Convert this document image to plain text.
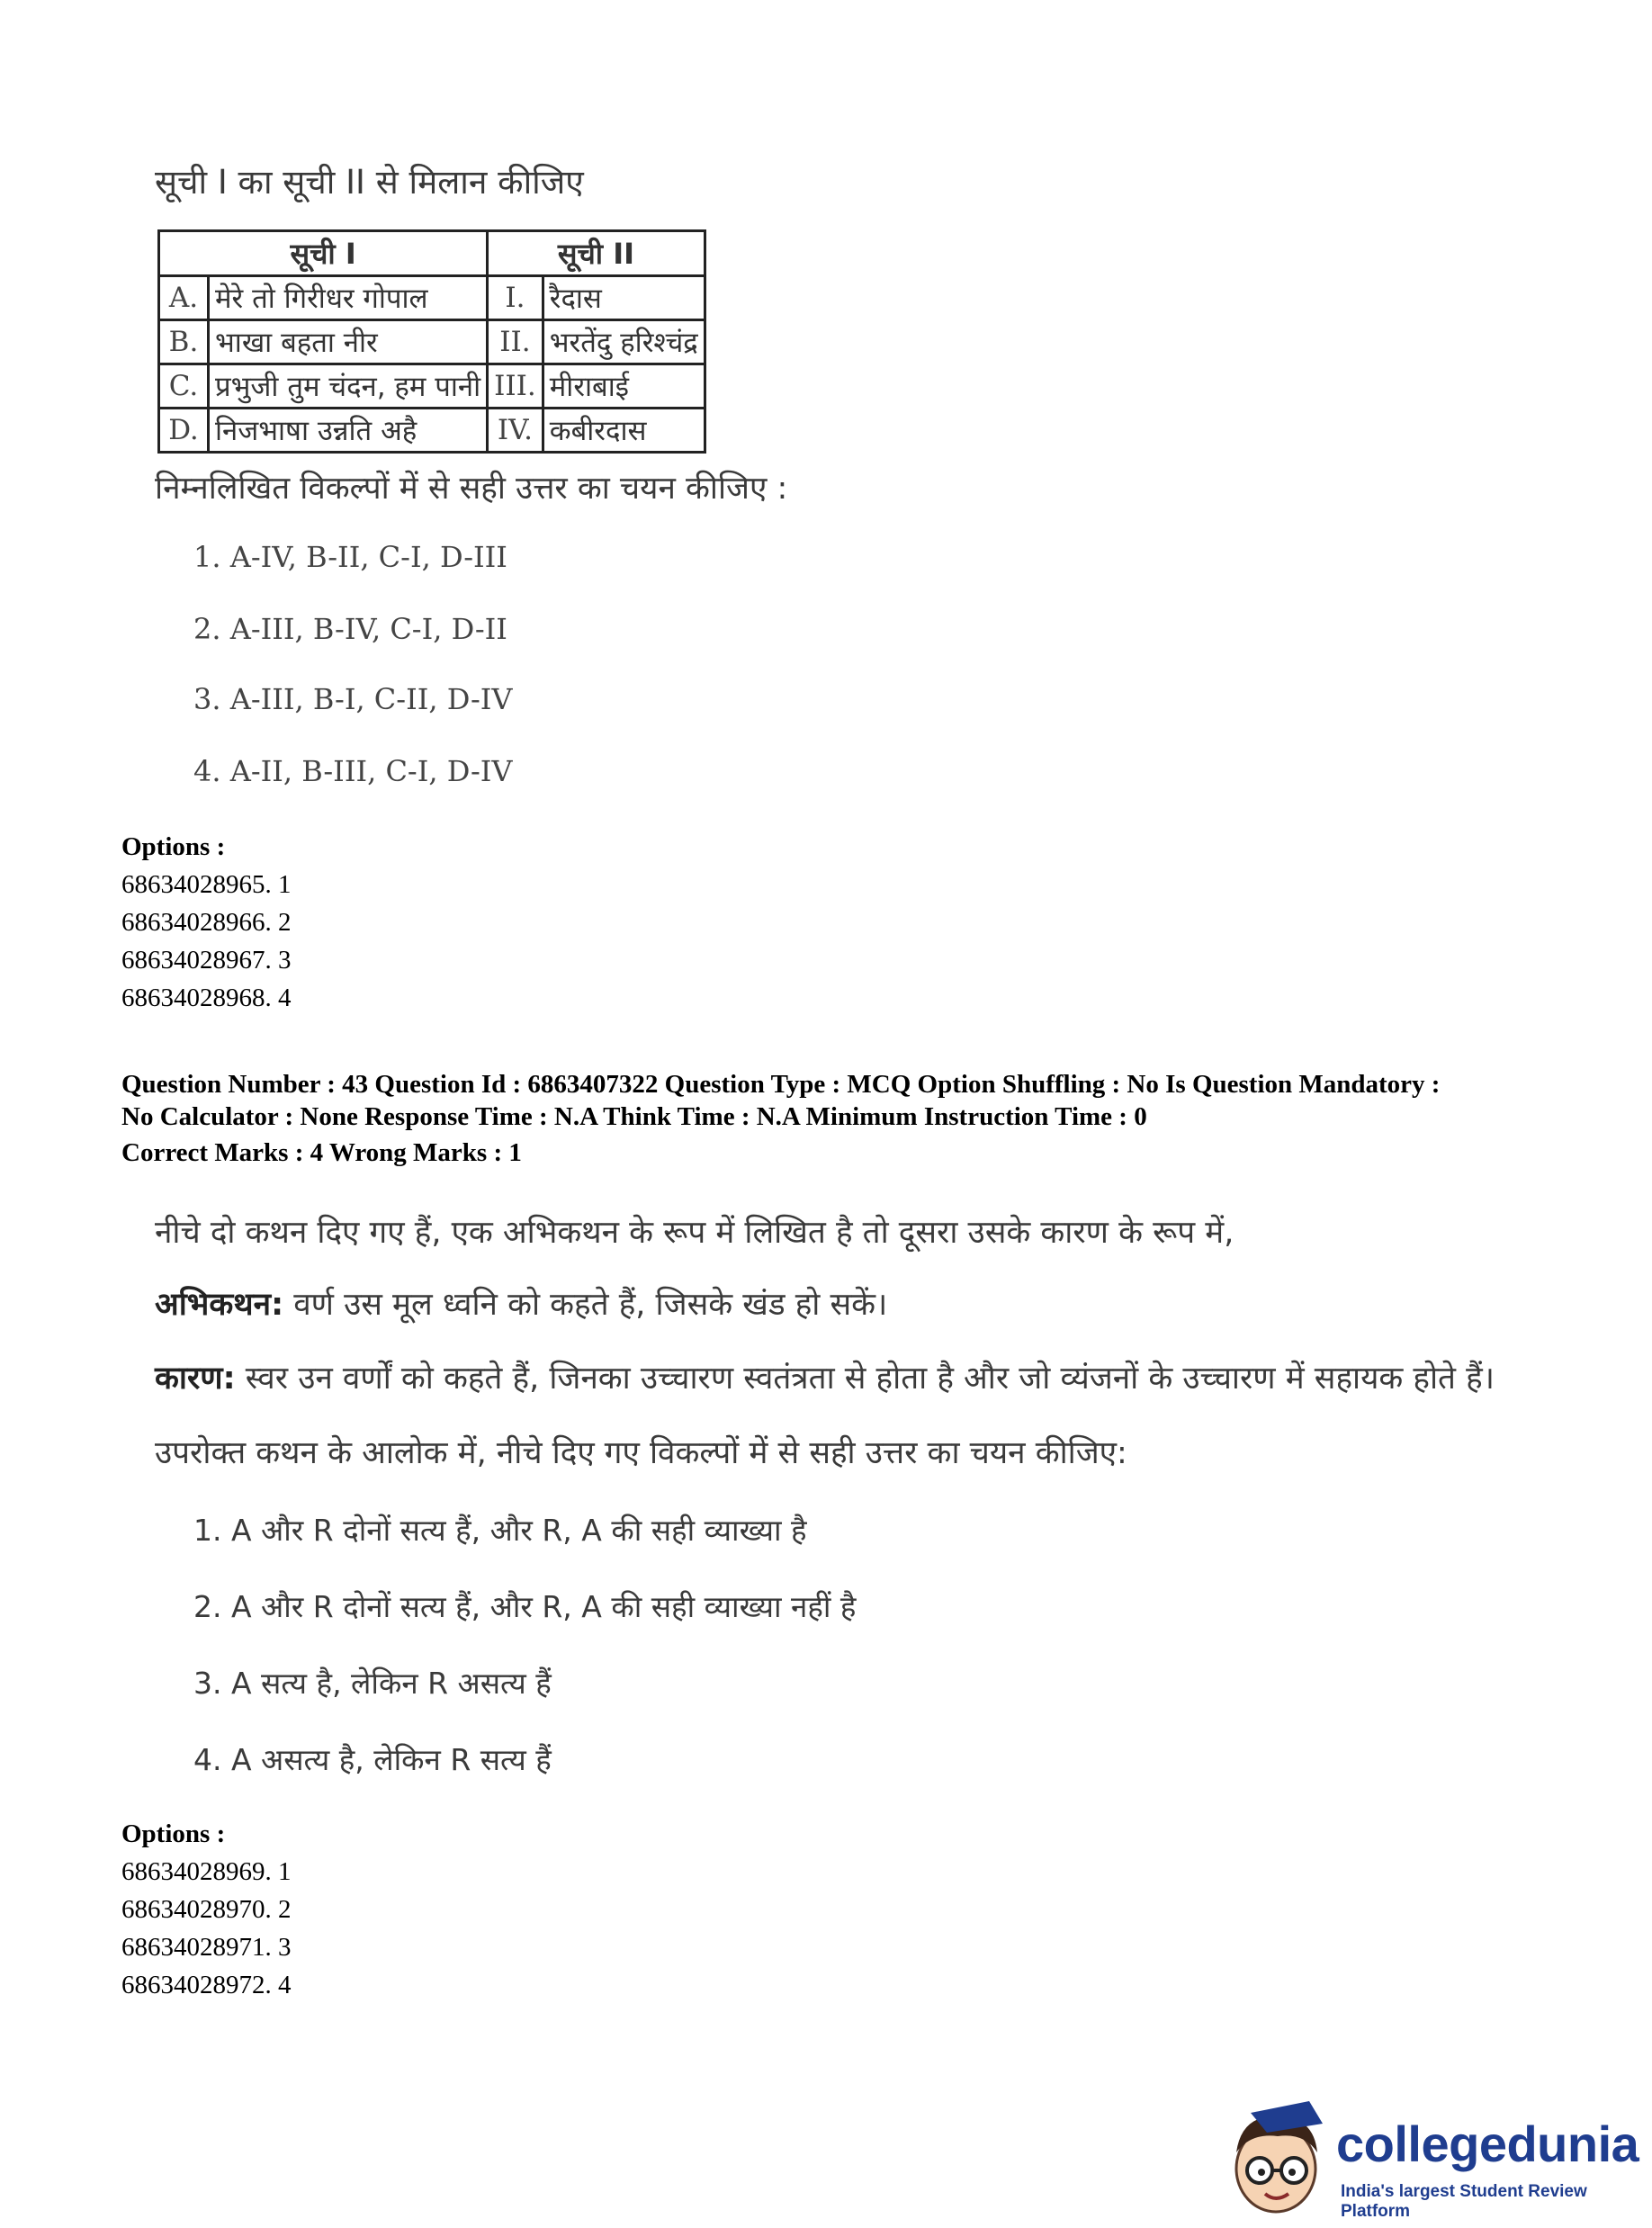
सूची I का सूची II से मिलान कीजिए
सूची I		सूची II	
A.	मेरे तो गिरीधर गोपाल	I.	रैदास
B.	भाखा बहता नीर	II.	भरतेंदु हरिश्चंद्र
C.	प्रभुजी तुम चंदन, हम पानी	III.	मीराबाई
D.	निजभाषा उन्नति अहै	IV.	कबीरदास
निम्नलिखित विकल्पों में से सही उत्तर का चयन कीजिए :
1. A-IV, B-II, C-I, D-III
2. A-III, B-IV, C-I, D-II
3. A-III, B-I, C-II, D-IV
4. A-II, B-III, C-I, D-IV
Options :
68634028965. 1
68634028966. 2
68634028967. 3
68634028968. 4
Question Number : 43 Question Id : 6863407322 Question Type : MCQ Option Shuffling : No Is Question Mandatory :
No Calculator : None Response Time : N.A Think Time : N.A Minimum Instruction Time : 0
Correct Marks : 4 Wrong Marks : 1
नीचे दो कथन दिए गए हैं, एक अभिकथन के रूप में लिखित है तो दूसरा उसके कारण के रूप में,
अभिकथन: वर्ण उस मूल ध्वनि को कहते हैं, जिसके खंड हो सकें।
कारण: स्वर उन वर्णों को कहते हैं, जिनका उच्चारण स्वतंत्रता से होता है और जो व्यंजनों के उच्चारण में सहायक होते हैं।
उपरोक्त कथन के आलोक में, नीचे दिए गए विकल्पों में से सही उत्तर का चयन कीजिए:
1. A और R दोनों सत्य हैं, और R, A की सही व्याख्या है
2. A और R दोनों सत्य हैं, और R, A की सही व्याख्या नहीं है
3. A सत्य है, लेकिन R असत्य हैं
4. A असत्य है, लेकिन R सत्य हैं
Options :
68634028969. 1
68634028970. 2
68634028971. 3
68634028972. 4
collegedunia
India's largest Student Review Platform
